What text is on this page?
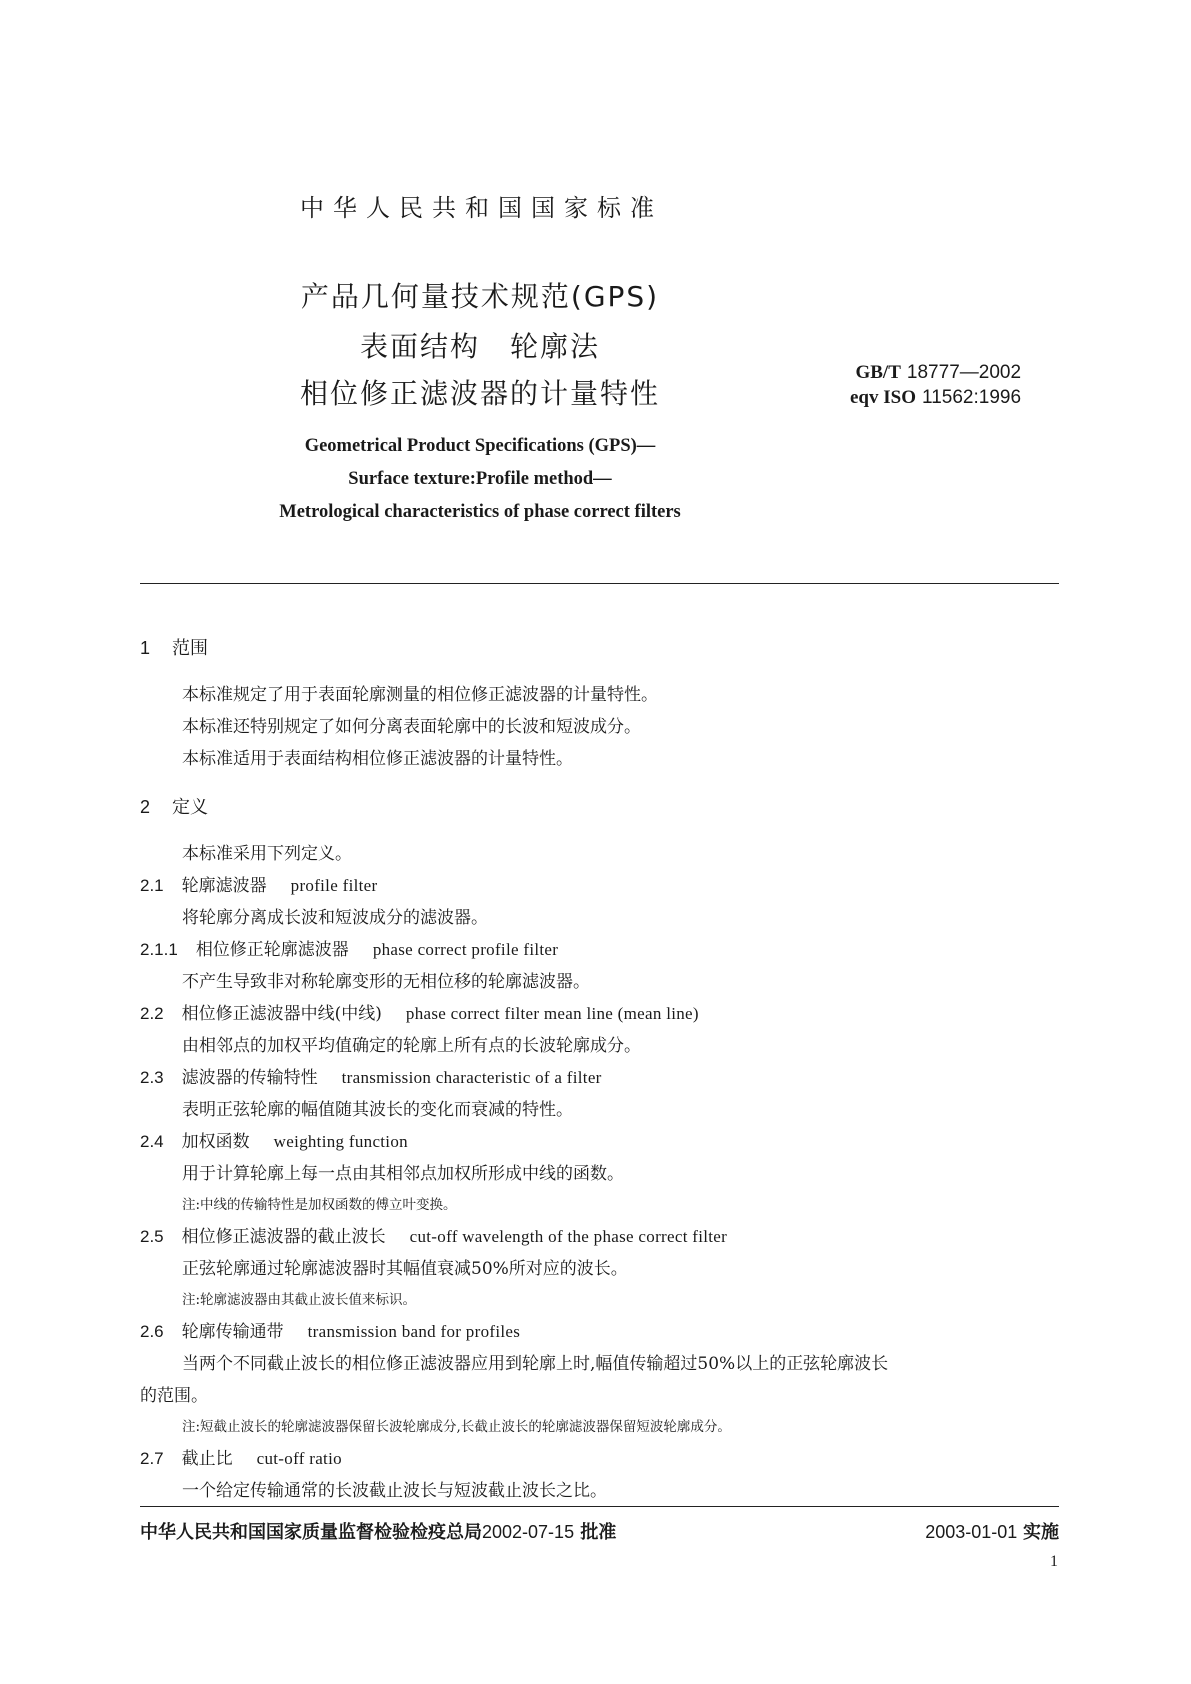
中华人民共和国国家标准
产品几何量技术规范(GPS)
表面结构　轮廓法
相位修正滤波器的计量特性
GB/T 18777—2002
eqv ISO 11562:1996
Geometrical Product Specifications (GPS)—
Surface texture:Profile method—
Metrological characteristics of phase correct filters
1 范围
本标准规定了用于表面轮廓测量的相位修正滤波器的计量特性。
本标准还特别规定了如何分离表面轮廓中的长波和短波成分。
本标准适用于表面结构相位修正滤波器的计量特性。
2 定义
本标准采用下列定义。
2.1 轮廓滤波器 profile filter
将轮廓分离成长波和短波成分的滤波器。
2.1.1 相位修正轮廓滤波器 phase correct profile filter
不产生导致非对称轮廓变形的无相位移的轮廓滤波器。
2.2 相位修正滤波器中线(中线) phase correct filter mean line (mean line)
由相邻点的加权平均值确定的轮廓上所有点的长波轮廓成分。
2.3 滤波器的传输特性 transmission characteristic of a filter
表明正弦轮廓的幅值随其波长的变化而衰减的特性。
2.4 加权函数 weighting function
用于计算轮廓上每一点由其相邻点加权所形成中线的函数。
注:中线的传输特性是加权函数的傅立叶变换。
2.5 相位修正滤波器的截止波长 cut-off wavelength of the phase correct filter
正弦轮廓通过轮廓滤波器时其幅值衰减50%所对应的波长。
注:轮廓滤波器由其截止波长值来标识。
2.6 轮廓传输通带 transmission band for profiles
当两个不同截止波长的相位修正滤波器应用到轮廓上时,幅值传输超过50%以上的正弦轮廓波长
的范围。
注:短截止波长的轮廓滤波器保留长波轮廓成分,长截止波长的轮廓滤波器保留短波轮廓成分。
2.7 截止比 cut-off ratio
一个给定传输通常的长波截止波长与短波截止波长之比。
中华人民共和国国家质量监督检验检疫总局2002-07-15 批准	2003-01-01 实施
1
